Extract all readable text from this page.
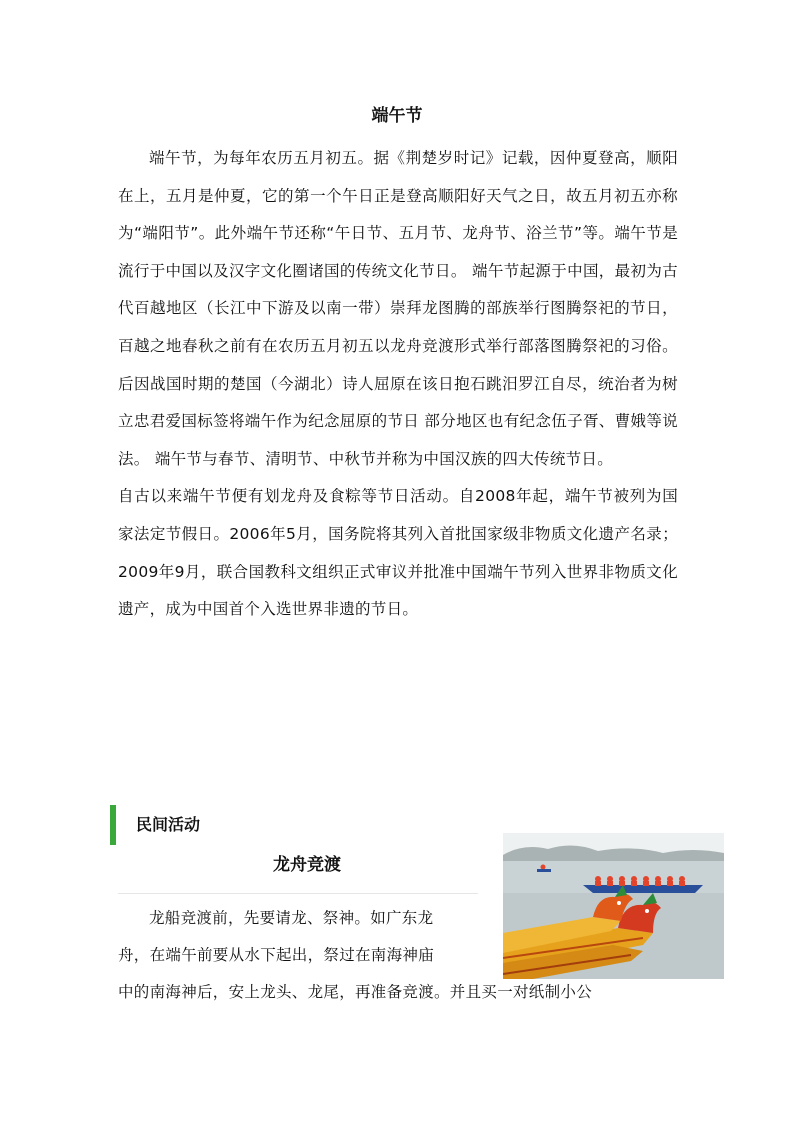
端午节

端午节，为每年农历五月初五。据《荆楚岁时记》记载，因仲夏登高，顺阳在上，五月是仲夏，它的第一个午日正是登高顺阳好天气之日，故五月初五亦称为“端阳节”。此外端午节还称“午日节、五月节、龙舟节、浴兰节”等。端午节是流行于中国以及汉字文化圈诸国的传统文化节日。 端午节起源于中国，最初为古代百越地区（长江中下游及以南一带）崇拜龙图腾的部族举行图腾祭祀的节日，百越之地春秋之前有在农历五月初五以龙舟竞渡形式举行部落图腾祭祀的习俗。后因战国时期的楚国（今湖北）诗人屈原在该日抱石跳汨罗江自尽，统治者为树立忠君爱国标签将端午作为纪念屈原的节日 部分地区也有纪念伍子胥、曹娥等说法。 端午节与春节、清明节、中秋节并称为中国汉族的四大传统节日。

自古以来端午节便有划龙舟及食粽等节日活动。自2008年起，端午节被列为国家法定节假日。2006年5月，国务院将其列入首批国家级非物质文化遗产名录；2009年9月，联合国教科文组织正式审议并批准中国端午节列入世界非物质文化遗产，成为中国首个入选世界非遗的节日。

民间活动
龙舟竞渡
龙船竞渡前，先要请龙、祭神。如广东龙
舟，在端午前要从水下起出，祭过在南海神庙
中的南海神后，安上龙头、龙尾，再准备竞渡。并且买一对纸制小公
